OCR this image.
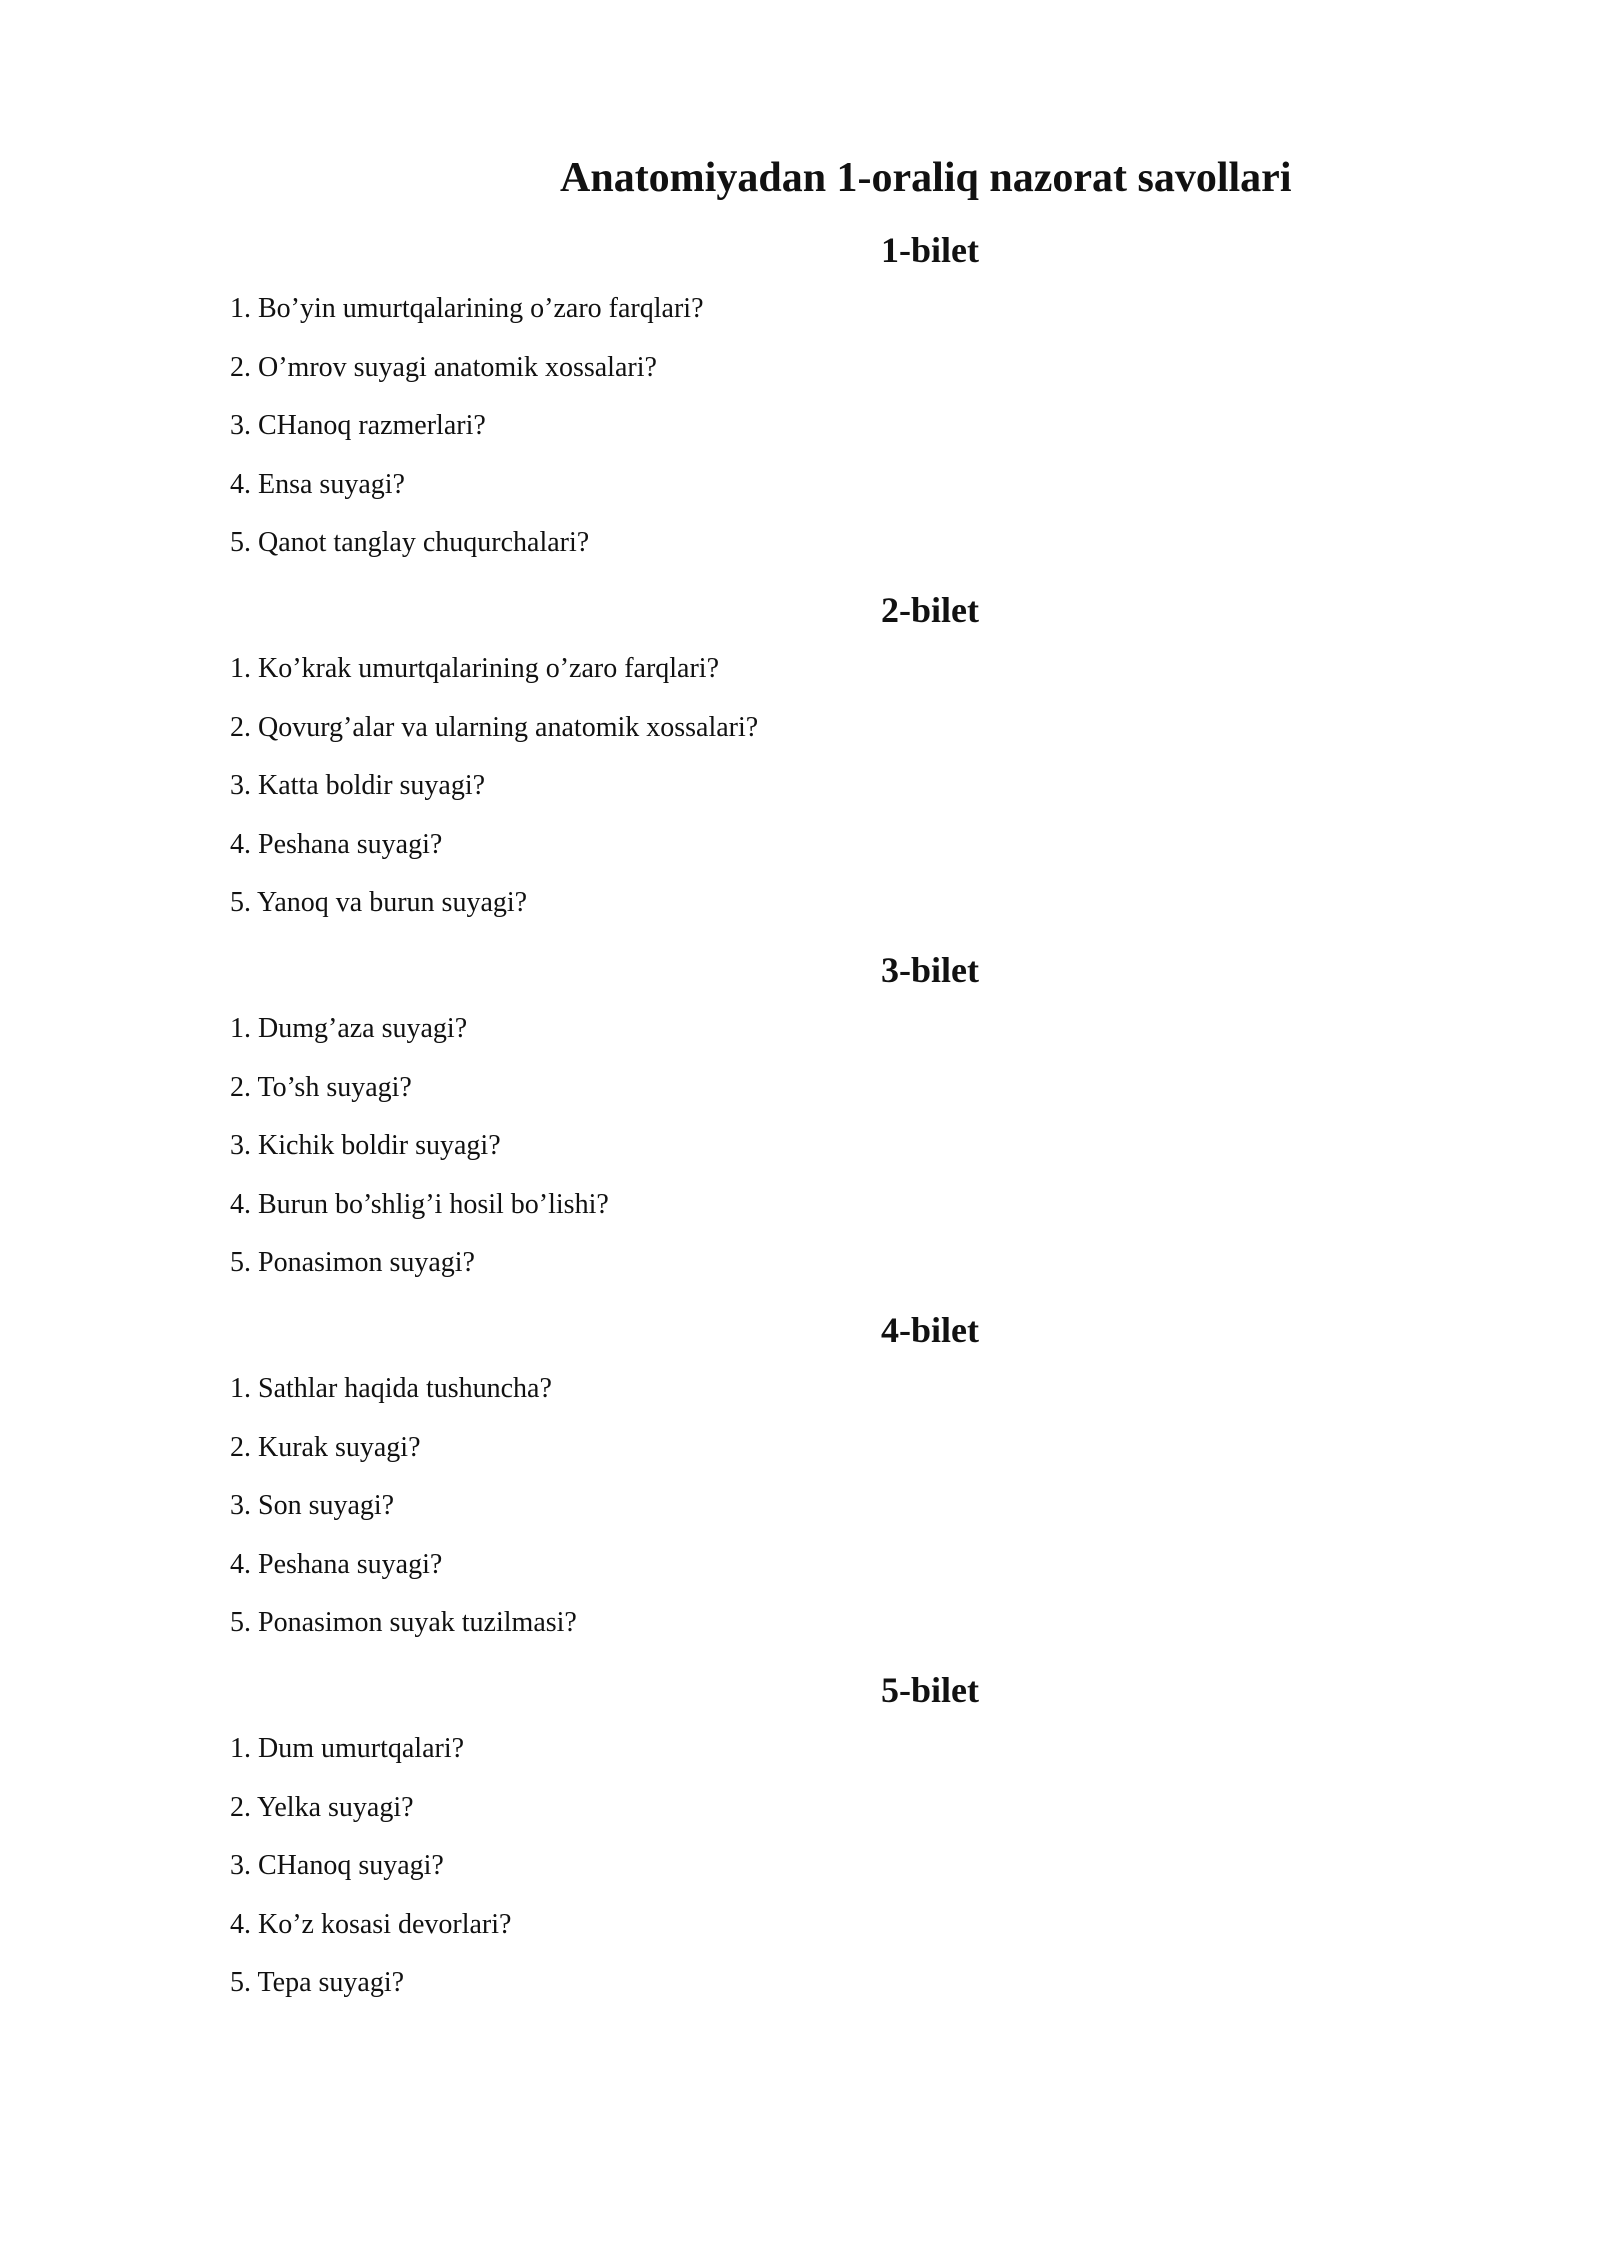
Anatomiyadan 1-oraliq nazorat savollari
1-bilet
1. Bo’yin umurtqalarining o’zaro farqlari?
2. O’mrov suyagi anatomik xossalari?
3. CHanoq razmerlari?
4. Ensa suyagi?
5. Qanot tanglay chuqurchalari?
2-bilet
1. Ko’krak umurtqalarining o’zaro farqlari?
2. Qovurg’alar va ularning anatomik xossalari?
3. Katta boldir suyagi?
4. Peshana suyagi?
5. Yanoq va burun suyagi?
3-bilet
1. Dumg’aza suyagi?
2. To’sh suyagi?
3. Kichik boldir suyagi?
4. Burun bo’shlig’i hosil bo’lishi?
5. Ponasimon suyagi?
4-bilet
1. Sathlar haqida tushuncha?
2. Kurak suyagi?
3. Son suyagi?
4. Peshana suyagi?
5. Ponasimon suyak tuzilmasi?
5-bilet
1. Dum umurtqalari?
2. Yelka suyagi?
3. CHanoq suyagi?
4. Ko’z kosasi devorlari?
5. Tepa suyagi?
